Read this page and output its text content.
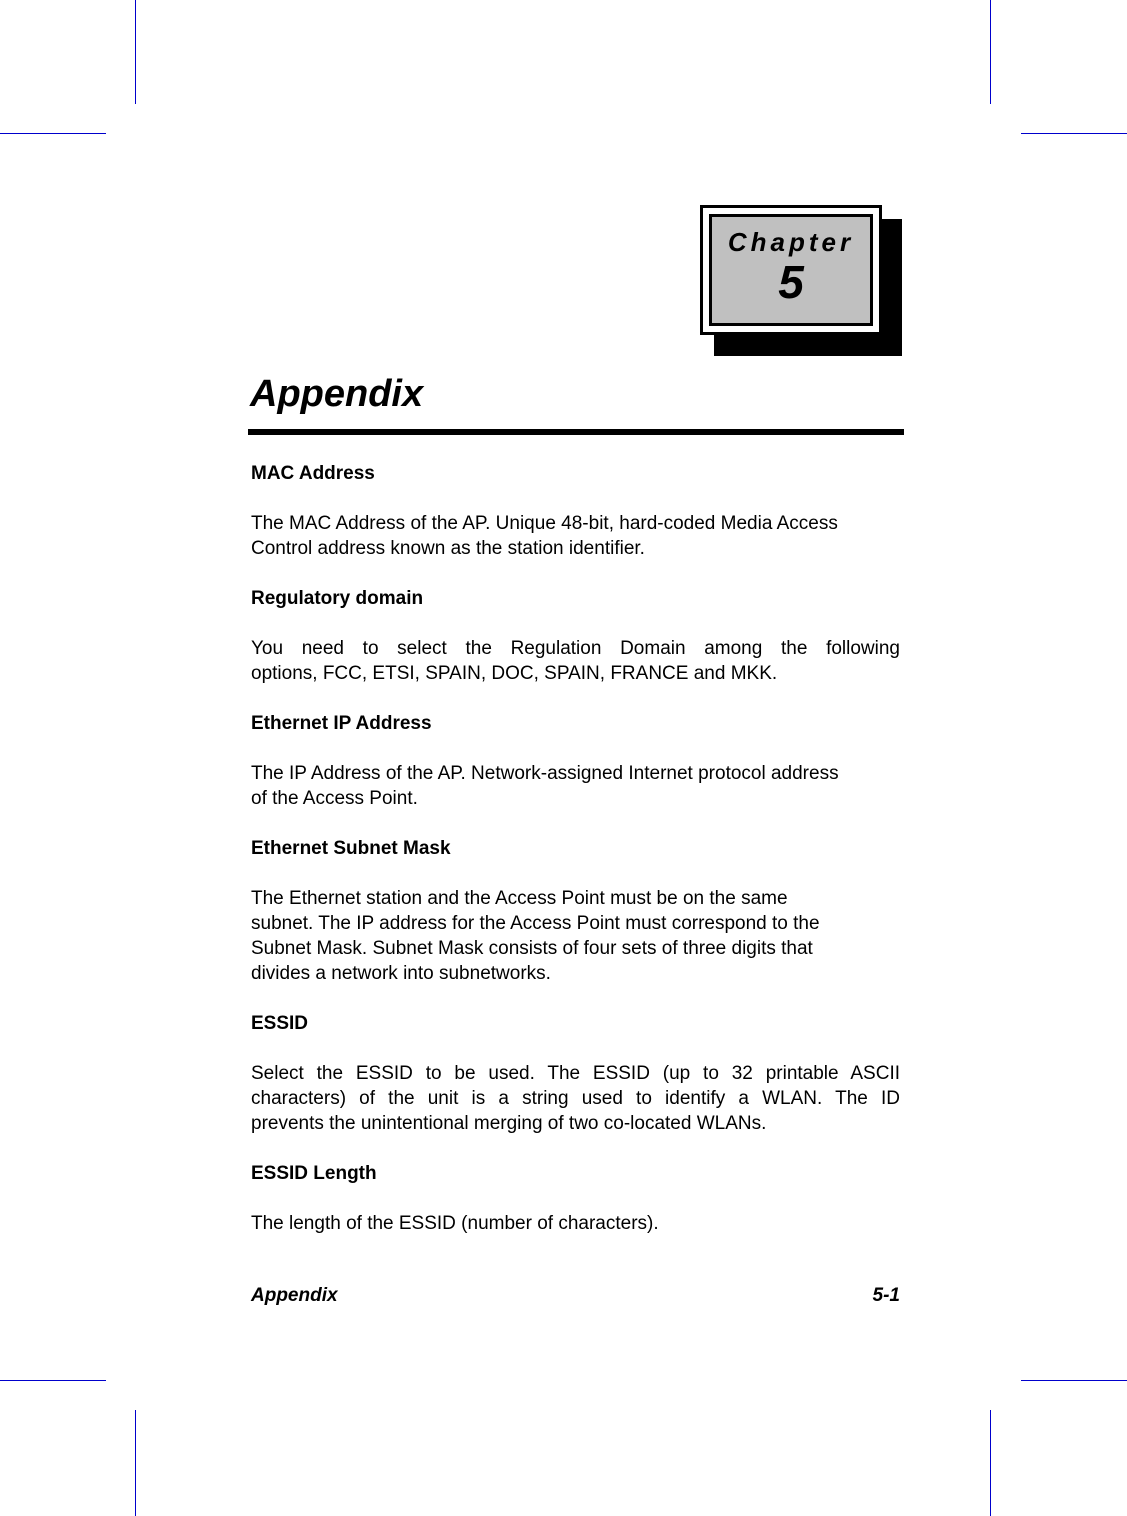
Chapter
5
Appendix
MAC Address
The MAC Address of the AP. Unique 48-bit, hard-coded Media Access
Control address known as the station identifier.
Regulatory domain
You need to select the Regulation Domain among the following
options, FCC, ETSI, SPAIN, DOC, SPAIN, FRANCE and MKK.
Ethernet IP Address
The IP Address of the AP. Network-assigned Internet protocol address
of the Access Point.
Ethernet Subnet Mask
The Ethernet station and the Access Point must be on the same
subnet. The IP address for the Access Point must correspond to the
Subnet Mask. Subnet Mask consists of four sets of three digits that
divides a network into subnetworks.
ESSID
Select the ESSID to be used. The ESSID (up to 32 printable ASCII
characters) of the unit is a string used to identify a WLAN. The ID
prevents the unintentional merging of two co-located WLANs.
ESSID Length
The length of the ESSID (number of characters).
Appendix	5-1
